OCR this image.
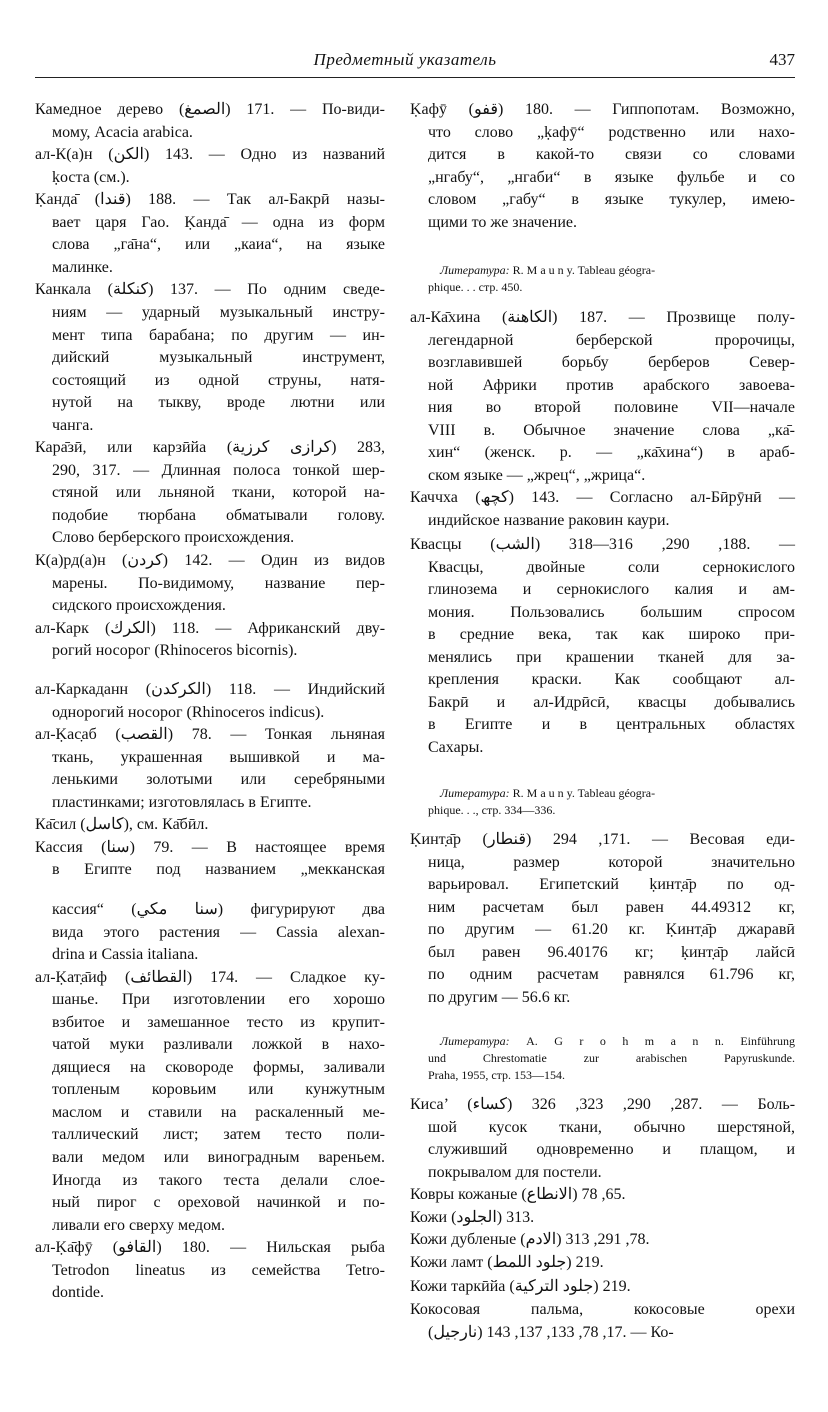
Предметный указатель	437
Камедное дерево (الصمغ) 171. — По-види-
мому, Acacia arabica.
ал-К(а)н (الكن) 143. — Одно из названий
ḳоста (см.).
Ḳанда̄ (قندا) 188. — Так ал-Бакрӣ назы-
вает царя Гао. Ḳанда̄ — одна из форм
слова „га̄на“, или „каиа“, на языке
малинке.
Канкала (كنكلة) 137. — По одним сведе-
ниям — ударный музыкальный инстру-
мент типа барабана; по другим — ин-
дийский музыкальный инструмент,
состоящий из одной струны, натя-
нутой на тыкву, вроде лютни или
чанга.
Кара̄зӣ, или карзӣйа (كرازى كرزية) 283,
290, 317. — Длинная полоса тонкой шер-
стяной или льняной ткани, которой на-
подобие тюрбана обматывали голову.
Слово берберского происхождения.
К(а)рд(а)н (كردن) 142. — Один из видов
марены. По-видимому, название пер-
сидского происхождения.
ал-Карк (الكرك) 118. — Африканский дву-
рогий носорог (Rhinoceros bicornis).
ал-Каркаданн (الكركدن) 118. — Индийский
однорогий носорог (Rhinoceros indicus).
ал-Ḳас̣аб (القصب) 78. — Тонкая льняная
ткань, украшенная вышивкой и ма-
ленькими золотыми или серебряными
пластинками; изготовлялась в Египте.
Ка̄сил (كاسل), см. Ка̄бӣл.
Кассия (سنا) 79. — В настоящее время
в Египте под названием „мекканская
кассия“ (سنا مكي) фигурируют два
вида этого растения — Cassia alexan-
drina и Cassia italiana.
ал-Ḳат̣а̄иф (القطائف) 174. — Сладкое ку-
шанье. При изготовлении его хорошо
взбитое и замешанное тесто из крупит-
чатой муки разливали ложкой в нахо-
дящиеся на сковороде формы, заливали
топленым коровьим или кунжутным
маслом и ставили на раскаленный ме-
таллический лист; затем тесто поли-
вали медом или виноградным вареньем.
Иногда из такого теста делали слое-
ный пирог с ореховой начинкой и по-
ливали его сверху медом.
ал-Ḳа̄фӯ (القافو) 180. — Нильская рыба
Tetrodon lineatus из семейства Tetro-
dontide.
Ḳафӯ (قفو) 180. — Гиппопотам. Возможно,
что слово „ḳафӯ“ родственно или нахо-
дится в какой-то связи со словами
„нгабу“, „нгаби“ в языке фульбе и со
словом „габу“ в языке тукулер, имею-
щими то же значение.
Литература: R. M a u n y. Tableau géogra-
phique. . . стр. 450.
ал-Ка̄хина (الكاهنة) 187. — Прозвище полу-
легендарной берберской пророчицы,
возглавившей борьбу берберов Север-
ной Африки против арабского завоева-
ния во второй половине VII—начале
VIII в. Обычное значение слова „ка̄-
хин“ (женск. р. — „ка̄хина“) в араб-
ском языке — „жрец“, „жрица“.
Каччха (كچھ) 143. — Согласно ал-Бӣрӯнӣ —
индийское название раковин каури.
Квасцы (الشب) 188, 290, 316—318. —
Квасцы, двойные соли сернокислого
глинозема и сернокислого калия и ам-
мония. Пользовались большим спросом
в средние века, так как широко при-
менялись при крашении тканей для за-
крепления краски. Как сообщают ал-
Бакрӣ и ал-Идрӣсӣ, квасцы добывались
в Египте и в центральных областях
Сахары.
Литература: R. M a u n y. Tableau géogra-
phique. . ., стр. 334—336.
Ḳинт̣а̄р (قنطار) 171, 294. — Весовая еди-
ница, размер которой значительно
варьировал. Египетский ḳинт̣а̄р по од-
ним расчетам был равен 44.49312 кг,
по другим — 61.20 кг. Ḳинт̣а̄р джаравӣ
был равен 96.40176 кг; ḳинт̣а̄р лайсӣ
по одним расчетам равнялся 61.796 кг,
по другим — 56.6 кг.
Литература: A. G r o h m a n n. Einführung
und Chrestomatie zur arabischen Papyruskunde.
Praha, 1955, стр. 153—154.
Киса’ (كساء) 287, 290, 323, 326. — Боль-
шой кусок ткани, обычно шерстяной,
служивший одновременно и плащом, и
покрывалом для постели.
Ковры кожаные (الانطاع) 65, 78.
Кожи (الجلود) 313.
Кожи дубленые (الادم) 78, 291, 313.
Кожи ламт (جلود اللمط) 219.
Кожи таркӣйа (جلود التركية) 219.
Кокосовая пальма, кокосовые орехи
(نارجيل) 17, 78, 133, 137, 143. — Ко-
